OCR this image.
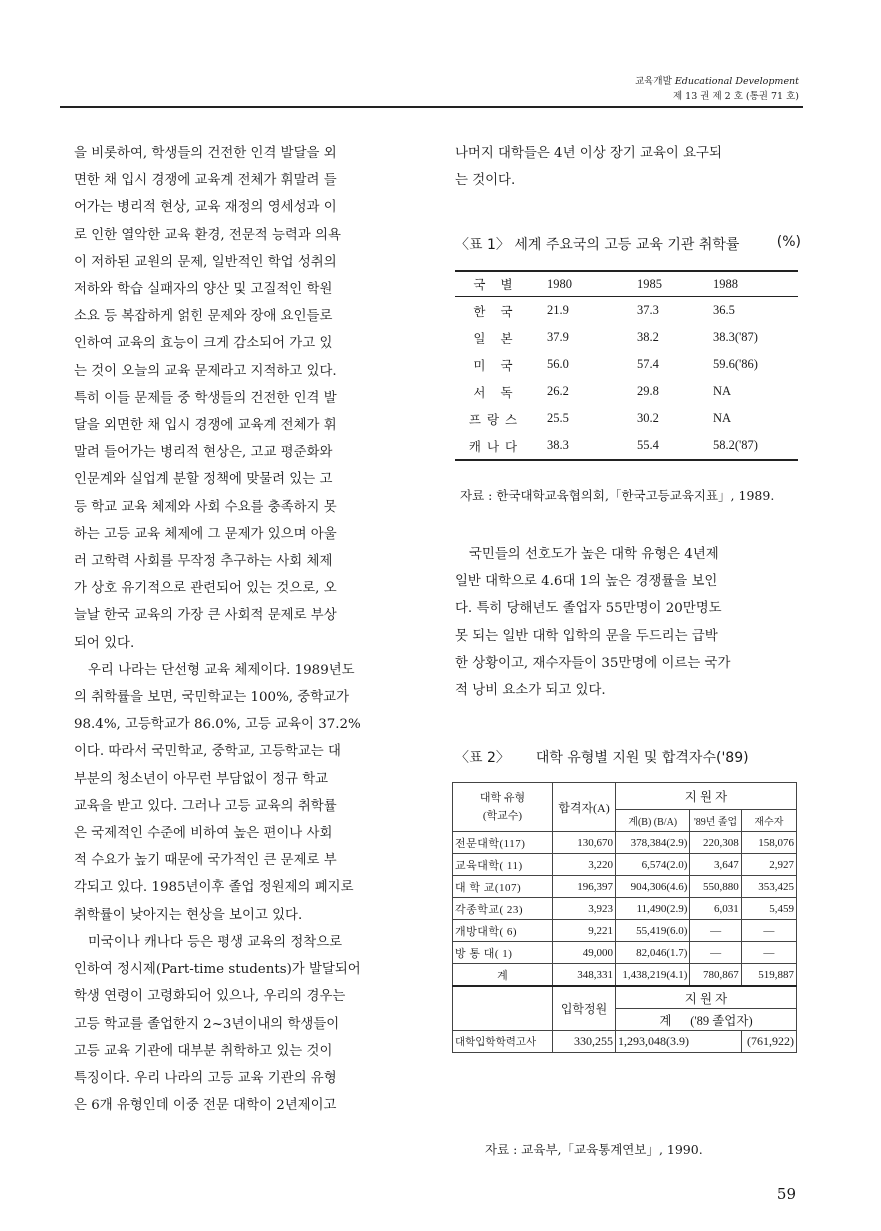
교육개발 Educational Development
제 13 권 제 2 호 (통권 71 호)

을 비롯하여, 학생들의 건전한 인격 발달을 외

면한 채 입시 경쟁에 교육계 전체가 휘말려 들

어가는 병리적 현상, 교육 재정의 영세성과 이

로 인한 열악한 교육 환경, 전문적 능력과 의욕

이 저하된 교원의 문제, 일반적인 학업 성취의

저하와 학습 실패자의 양산 및 고질적인 학원

소요 등 복잡하게 얽힌 문제와 장애 요인들로

인하여 교육의 효능이 크게 감소되어 가고 있

는 것이 오늘의 교육 문제라고 지적하고 있다.

특히 이들 문제들 중 학생들의 건전한 인격 발

달을 외면한 채 입시 경쟁에 교육계 전체가 휘

말려 들어가는 병리적 현상은, 고교 평준화와

인문계와 실업계 분할 정책에 맞물려 있는 고

등 학교 교육 체제와 사회 수요를 충족하지 못

하는 고등 교육 체제에 그 문제가 있으며 아울

러 고학력 사회를 무작정 추구하는 사회 체제

가 상호 유기적으로 관련되어 있는 것으로, 오

늘날 한국 교육의 가장 큰 사회적 문제로 부상

되어 있다.

우리 나라는 단선형 교육 체제이다. 1989년도

의 취학률을 보면, 국민학교는 100%, 중학교가

98.4%, 고등학교가 86.0%, 고등 교육이 37.2%

이다. 따라서 국민학교, 중학교, 고등학교는 대

부분의 청소년이 아무런 부담없이 정규 학교

교육을 받고 있다. 그러나 고등 교육의 취학률

은 국제적인 수준에 비하여 높은 편이나 사회

적 수요가 높기 때문에 국가적인 큰 문제로 부

각되고 있다. 1985년이후 졸업 정원제의 폐지로

취학률이 낮아지는 현상을 보이고 있다.

미국이나 캐나다 등은 평생 교육의 정착으로

인하여 정시제(Part-time students)가 발달되어

학생 연령이 고령화되어 있으나, 우리의 경우는

고등 학교를 졸업한지 2~3년이내의 학생들이

고등 교육 기관에 대부분 취학하고 있는 것이

특징이다. 우리 나라의 고등 교육 기관의 유형

은 6개 유형인데 이중 전문 대학이 2년제이고

나머지 대학들은 4년 이상 장기 교육이 요구되

는 것이다.

〈표 1〉 세계 주요국의 고등 교육 기관 취학률	(%)
국 별	1980	1985	1988
한 국	21.9	37.3	36.5
일 본	37.9	38.2	38.3('87)
미 국	56.0	57.4	59.6('86)
서 독	26.2	29.8	NA
프랑스	25.5	30.2	NA
캐나다	38.3	55.4	58.2('87)
자료 : 한국대학교육협의회,「한국고등교육지표」, 1989.

국민들의 선호도가 높은 대학 유형은 4년제

일반 대학으로 4.6대 1의 높은 경쟁률을 보인

다. 특히 당해년도 졸업자 55만명이 20만명도

못 되는 일반 대학 입학의 문을 두드리는 급박

한 상황이고, 재수자들이 35만명에 이르는 국가

적 낭비 요소가 되고 있다.

〈표 2〉 대학 유형별 지원 및 합격자수('89)
대학 유형
(학교수)	합격자(A)	지 원 자		
		계(B) (B/A)	'89년 졸업	재수자
전문대학(117)	130,670	378,384(2.9)	220,308	158,076
교육대학( 11)	3,220	6,574(2.0)	3,647	2,927
대 학 교(107)	196,397	904,306(4.6)	550,880	353,425
각종학교( 23)	3,923	11,490(2.9)	6,031	5,459
개방대학( 6)	9,221	55,419(6.0)	—	—
방 통 대( 1)	49,000	82,046(1.7)	—	—
계	348,331	1,438,219(4.1)	780,867	519,887
	입학정원	지 원 자		
		계 ('89 졸업자)		
대학입학학력고사	330,255	1,293,048(3.9)		(761,922)
자료 : 교육부,「교육통계연보」, 1990.
59
